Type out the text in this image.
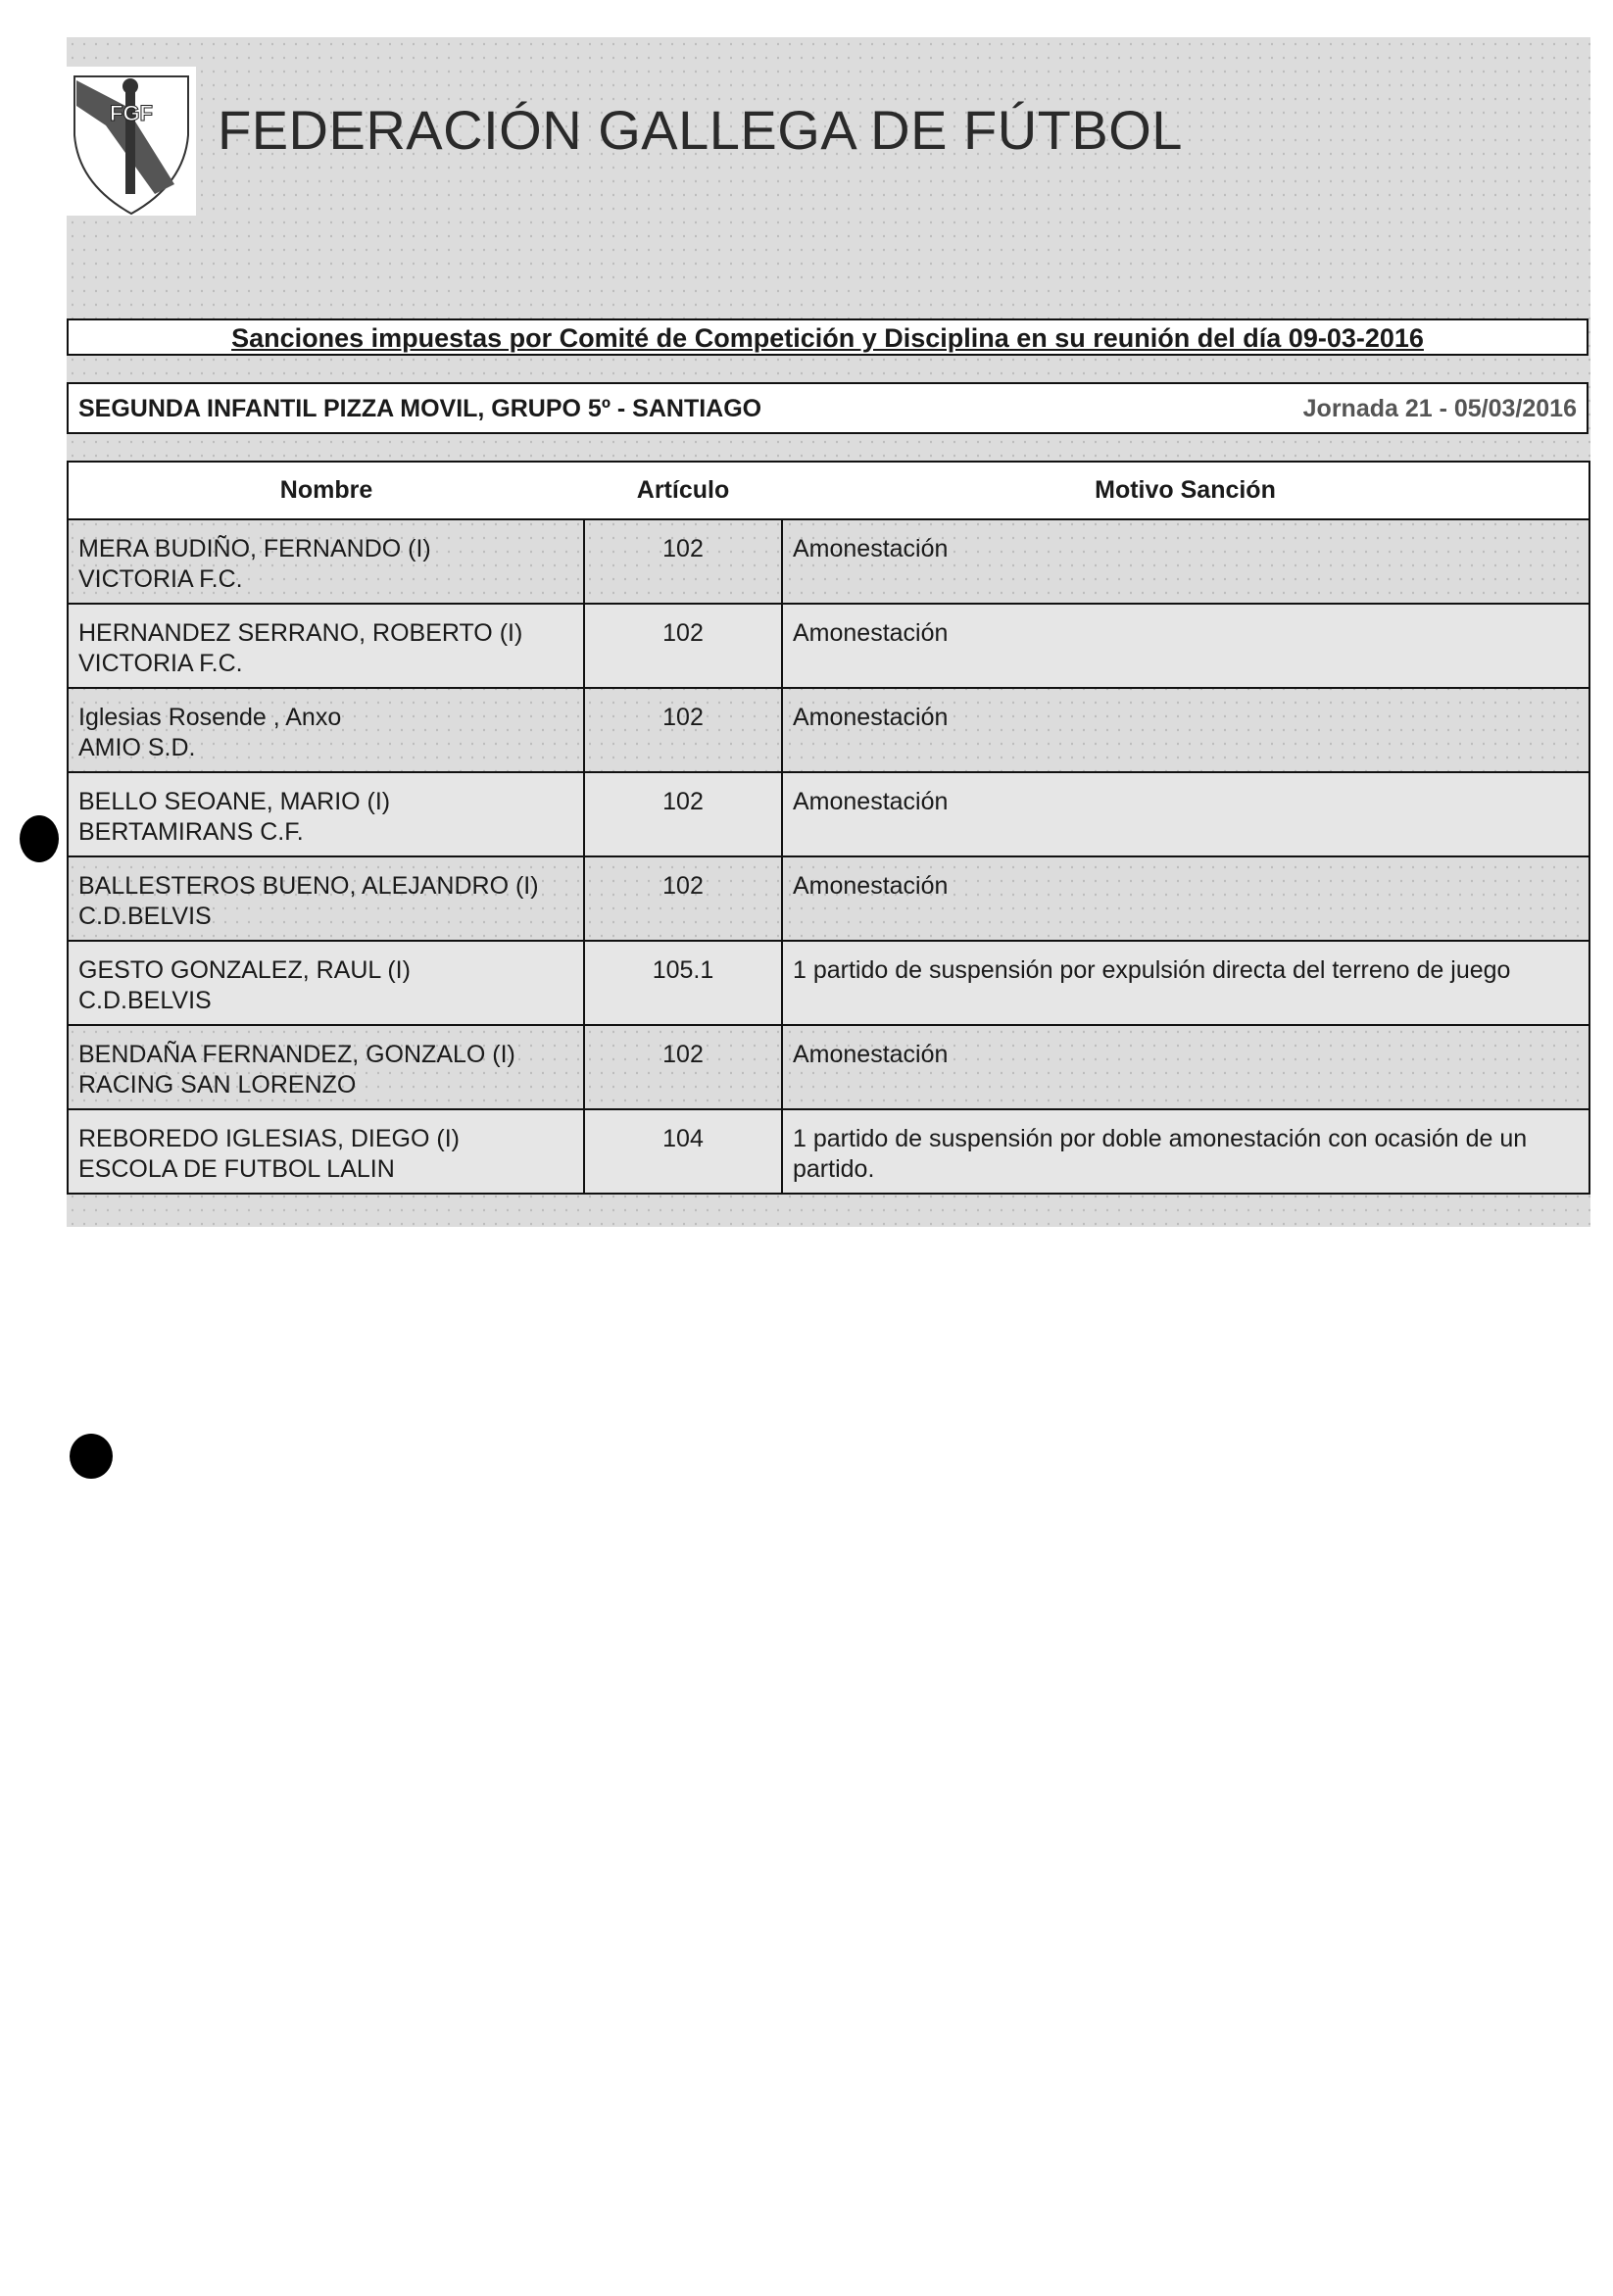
FGF FEDERACIÓN GALLEGA DE FÚTBOL
Sanciones impuestas por Comité de Competición y Disciplina en su reunión del día 09-03-2016
SEGUNDA INFANTIL PIZZA MOVIL, GRUPO 5º - SANTIAGO	Jornada 21 - 05/03/2016
Nombre	Artículo	Motivo Sanción

MERA BUDIÑO, FERNANDO (I)
VICTORIA F.C.	102	Amonestación

HERNANDEZ SERRANO, ROBERTO (I)
VICTORIA F.C.	102	Amonestación

Iglesias Rosende , Anxo
AMIO S.D.	102	Amonestación

BELLO SEOANE, MARIO (I)
BERTAMIRANS C.F.	102	Amonestación

BALLESTEROS BUENO, ALEJANDRO (I)
C.D.BELVIS	102	Amonestación

GESTO GONZALEZ, RAUL (I)
C.D.BELVIS	105.1	1 partido de suspensión por expulsión directa del terreno de juego

BENDAÑA FERNANDEZ, GONZALO (I)
RACING SAN LORENZO	102	Amonestación

REBOREDO IGLESIAS, DIEGO (I)
ESCOLA DE FUTBOL LALIN	104	1 partido de suspensión por doble amonestación con ocasión de un partido.
